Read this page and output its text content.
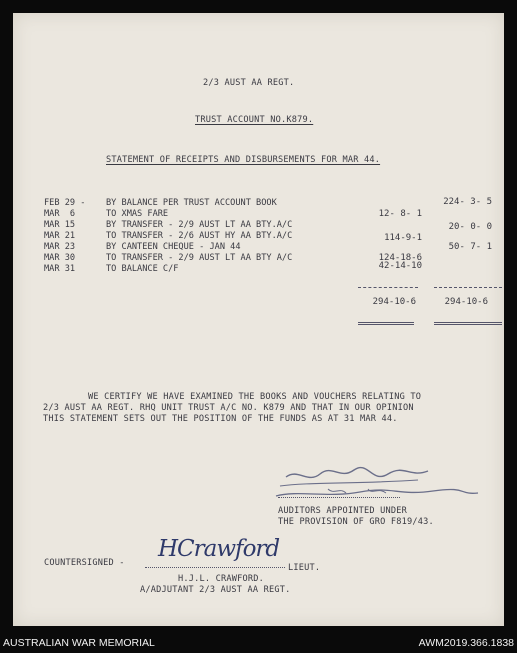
2/3 AUST AA REGT.
TRUST ACCOUNT NO.K879.
STATEMENT OF RECEIPTS AND DISBURSEMENTS FOR MAR 44.
FEB 29 -	BY BALANCE PER TRUST ACCOUNT BOOK	224- 3- 5
MAR  6	TO XMAS FARE	12- 8- 1
MAR 15	BY TRANSFER - 2/9 AUST LT AA BTY.A/C	20- 0- 0
MAR 21	TO TRANSFER - 2/6 AUST HY AA BTY.A/C	114-9-1
MAR 23	BY CANTEEN CHEQUE - JAN 44	50- 7- 1
MAR 30	TO TRANSFER - 2/9 AUST LT AA BTY A/C	124-18-6
MAR 31	TO BALANCE C/F	42-14-10
294-10-6	294-10-6
WE CERTIFY WE HAVE EXAMINED THE BOOKS AND VOUCHERS RELATING TO
2/3 AUST AA REGT. RHQ UNIT TRUST A/C NO. K879 AND THAT IN OUR OPINION
THIS STATEMENT SETS OUT THE POSITION OF THE FUNDS AS AT 31 MAR 44.
AUDITORS APPOINTED UNDER
THE PROVISION OF GRO F819/43.
COUNTERSIGNED -	LIEUT.
HCrawford
H.J.L. CRAWFORD.
A/ADJUTANT 2/3 AUST AA REGT.
AUSTRALIAN WAR MEMORIAL	AWM2019.366.1838
